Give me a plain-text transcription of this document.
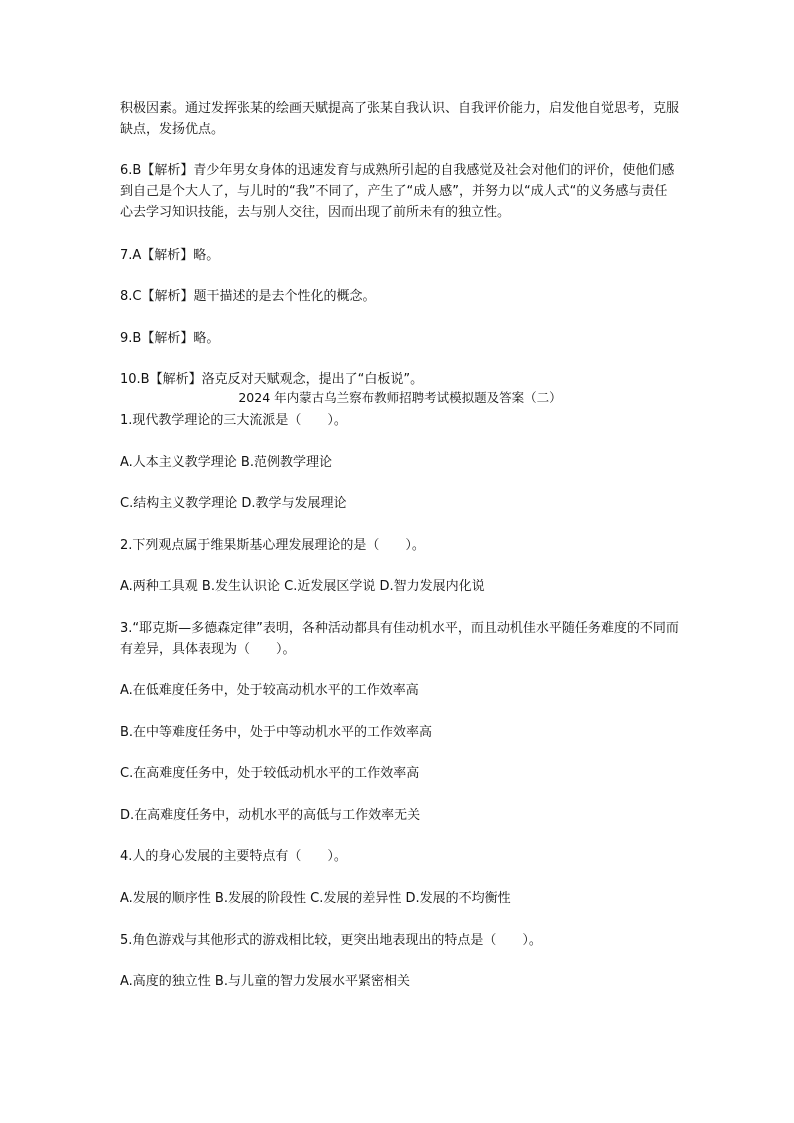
积极因素。通过发挥张某的绘画天赋提高了张某自我认识、自我评价能力，启发他自觉思考，克服缺点，发扬优点。

6.B【解析】青少年男女身体的迅速发育与成熟所引起的自我感觉及社会对他们的评价，使他们感到自己是个大人了，与儿时的“我”不同了，产生了“成人感”，并努力以“成人式“的义务感与责任心去学习知识技能，去与别人交往，因而出现了前所未有的独立性。

7.A【解析】略。

8.C【解析】题干描述的是去个性化的概念。

9.B【解析】略。

10.B【解析】洛克反对天赋观念，提出了“白板说”。

2024 年内蒙古乌兰察布教师招聘考试模拟题及答案（二）

1.现代教学理论的三大流派是（　　）。

A.人本主义教学理论 B.范例教学理论

C.结构主义教学理论 D.教学与发展理论

2.下列观点属于维果斯基心理发展理论的是（　　）。

A.两种工具观 B.发生认识论 C.近发展区学说 D.智力发展内化说

3.“耶克斯—多德森定律”表明，各种活动都具有佳动机水平，而且动机佳水平随任务难度的不同而有差异，具体表现为（　　）。

A.在低难度任务中，处于较高动机水平的工作效率高

B.在中等难度任务中，处于中等动机水平的工作效率高

C.在高难度任务中，处于较低动机水平的工作效率高

D.在高难度任务中，动机水平的高低与工作效率无关

4.人的身心发展的主要特点有（　　）。

A.发展的顺序性 B.发展的阶段性 C.发展的差异性 D.发展的不均衡性

5.角色游戏与其他形式的游戏相比较，更突出地表现出的特点是（　　）。

A.高度的独立性 B.与儿童的智力发展水平紧密相关
